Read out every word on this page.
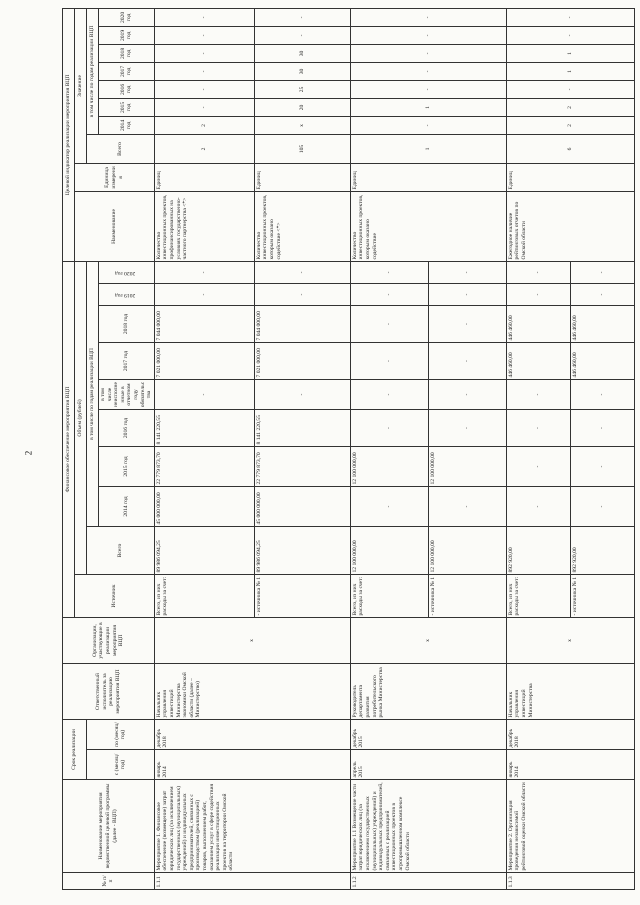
2
№ п/п	Наименование мероприятия ведомственной целевой программы (далее - ВЦП)	Срок реализации		Ответственный исполнитель за реализацию мероприятия ВЦП	Организации, участвующие в реализации мероприятия ВЦП	Финансовое обеспечение мероприятия ВЦП										Целевой индикатор реализации мероприятия ВЦП									
						Источник	Объем (рублей)									Наименование	Единица измерения	Значение							
		с (месяц/ год)	по (месяц/ год)				Всего	в том числе по годам реализации ВЦП										Всего	в том числе по годам реализации ВЦП						
								2014 год	2015 год	2016 год	в том числе неисполненные в отчетном году обязательства	2017 год	2018 год	2019 год	2020 год				2014 год	2015 год	2016 год	2017 год	2018 год	2019 год	2020 год
1.1.1	Мероприятие 1. Финансовое обеспечение (возмещение) затрат юридических лиц (за исключением государственных (муниципальных) учреждений) и индивидуальных предпринимателей, связанных с производством (реализацией) товаров, выполнением работ, оказанием услуг в сфере содействия реализации инвестиционных проектов на территории Омской области	январь 2014	декабрь 2018	Начальник управления инвестиций Министерства экономики Омской области (далее – Министерство)	х	Всего, из них расходы за счет:	89 986 094,25	45 000 000,00	22 779 873,70	8 141 220,55	-	7 021 000,00	7 044 000,00	-	-	Количество инвестиционных проектов, профинансированных на условиях государственно-частного партнерства <*>	Единиц	2	2	-	-	-	-	-	-
						- источника № 1	89 986 094,25	45 000 000,00	22 779 873,70	8 141 220,55	-	7 021 000,00	7 044 000,00	-	-	Количество инвестиционных проектов, которым оказано содействие <*>	Единиц	105	х	20	25	30	30	-	-
1.1.2	Мероприятие 1.1 Возмещение части затрат юридических лиц (за исключением государственных (муниципальных) учреждений) и индивидуальных предпринимателей, связанных с реализацией инвестиционных проектов в агропромышленном комплексе Омской области	апрель 2015	декабрь 2015	Руководитель департамента развития потребительского рынка Министерства	х	Всего, из них расходы за счет:	12 100 000,00	-	12 100 000,00	-	-	-	-	-	-	Количество инвестиционных проектов, которым оказано содействие	Единиц	1	-	1	-	-	-	-	-
						- источника № 1	12 100 000,00	-	12 100 000,00	-	-	-	-	-	-										
1.1.3	Мероприятие 2. Организация проведения независимой рейтинговой оценки Омской области	январь 2014	декабрь 2018	Начальник управления инвестиций Министерства	х	Всего, из них расходы за счет:	892 920,00	-	-	-	-	446 460,00	446 460,00	-	-	Ежегодное наличие рейтинговых отчетов по Омской области	Единиц	6	2	2	-	1	1	-	-
						- источника № 1	892 920,00	-	-	-	-	446 460,00	446 460,00	-	-										
